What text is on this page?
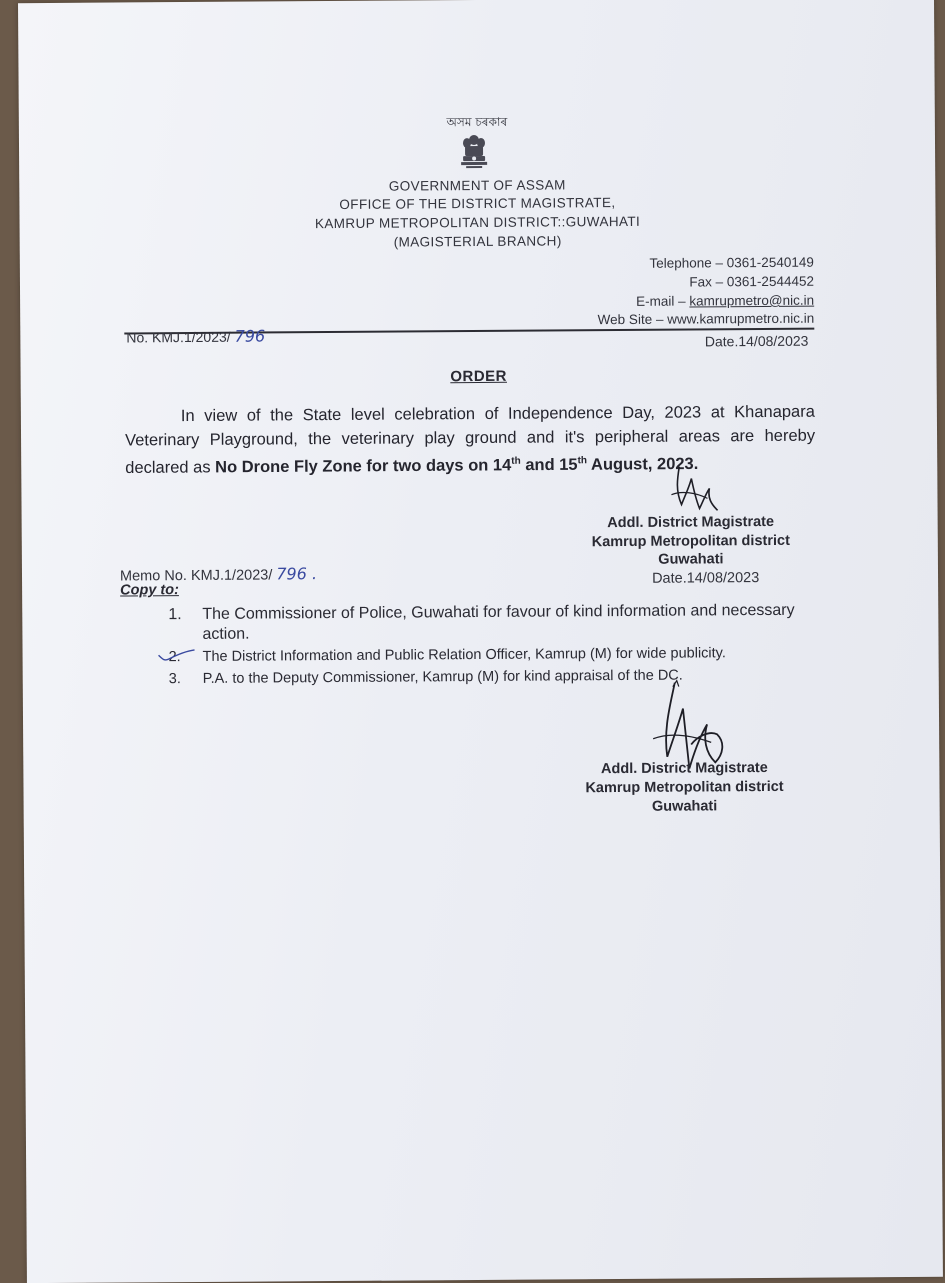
অসম চৰকাৰ
GOVERNMENT OF ASSAM
OFFICE OF THE DISTRICT MAGISTRATE,
KAMRUP METROPOLITAN DISTRICT::GUWAHATI
(MAGISTERIAL BRANCH)
Telephone – 0361-2540149
Fax – 0361-2544452
E-mail – kamrupmetro@nic.in
Web Site – www.kamrupmetro.nic.in
No. KMJ.1/2023/ 796	Date.14/08/2023
ORDER
In view of the State level celebration of Independence Day, 2023 at Khanapara Veterinary Playground, the veterinary play ground and it's peripheral areas are hereby declared as No Drone Fly Zone for two days on 14th and 15th August, 2023.
Addl. District Magistrate
Kamrup Metropolitan district
Guwahati
Memo No. KMJ.1/2023/ 796 .	Date.14/08/2023
Copy to:
1.	The Commissioner of Police, Guwahati for favour of kind information and necessary action.
2.	The District Information and Public Relation Officer, Kamrup (M) for wide publicity.
3.	P.A. to the Deputy Commissioner, Kamrup (M) for kind appraisal of the DC.
Addl. District Magistrate
Kamrup Metropolitan district
Guwahati
